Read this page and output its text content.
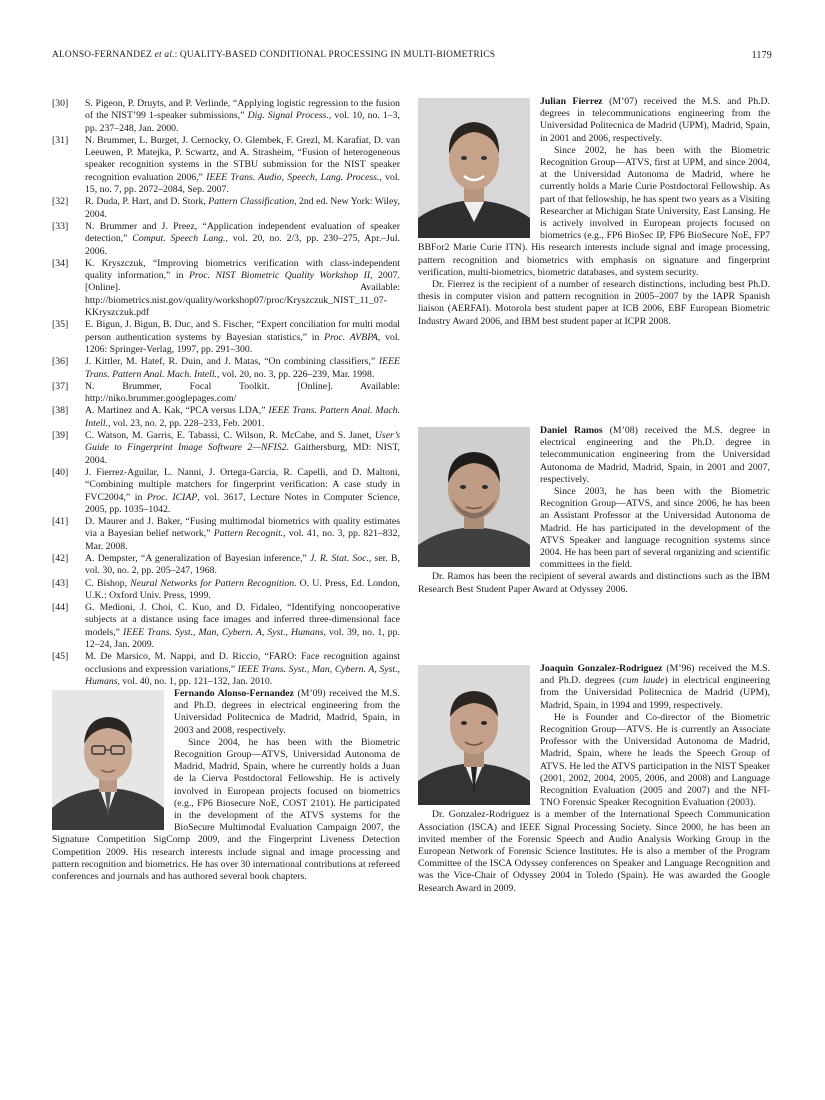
ALONSO-FERNANDEZ et al.: QUALITY-BASED CONDITIONAL PROCESSING IN MULTI-BIOMETRICS	1179
[30] S. Pigeon, P. Druyts, and P. Verlinde, “Applying logistic regression to the fusion of the NIST’99 1-speaker submissions,” Dig. Signal Process., vol. 10, no. 1–3, pp. 237–248, Jan. 2000.
[31] N. Brummer, L. Burget, J. Cernocky, O. Glembek, F. Grezl, M. Karafiat, D. van Leeuwen, P. Matejka, P. Scwartz, and A. Strasheim, “Fusion of heterogeneous speaker recognition systems in the STBU submission for the NIST speaker recognition evaluation 2006,” IEEE Trans. Audio, Speech, Lang. Process., vol. 15, no. 7, pp. 2072–2084, Sep. 2007.
[32] R. Duda, P. Hart, and D. Stork, Pattern Classification, 2nd ed. New York: Wiley, 2004.
[33] N. Brummer and J. Preez, “Application independent evaluation of speaker detection,” Comput. Speech Lang., vol. 20, no. 2/3, pp. 230–275, Apr.–Jul. 2006.
[34] K. Kryszczuk, “Improving biometrics verification with class-independent quality information,” in Proc. NIST Biometric Quality Workshop II, 2007. [Online]. Available: http://biometrics.nist.gov/quality/workshop07/proc/Kryszczuk_NIST_11_07-KKryszczuk.pdf
[35] E. Bigun, J. Bigun, B. Duc, and S. Fischer, “Expert conciliation for multi modal person authentication systems by Bayesian statistics,” in Proc. AVBPA, vol. 1206: Springer-Verlag, 1997, pp. 291–300.
[36] J. Kittler, M. Hatef, R. Duin, and J. Matas, “On combining classifiers,” IEEE Trans. Pattern Anal. Mach. Intell., vol. 20, no. 3, pp. 226–239, Mar. 1998.
[37] N. Brummer, Focal Toolkit. [Online]. Available: http://niko.brummer.googlepages.com/
[38] A. Martinez and A. Kak, “PCA versus LDA,” IEEE Trans. Pattern Anal. Mach. Intell., vol. 23, no. 2, pp. 228–233, Feb. 2001.
[39] C. Watson, M. Garris, E. Tabassi, C. Wilson, R. McCabe, and S. Janet, User’s Guide to Fingerprint Image Software 2—NFIS2. Gaithersburg, MD: NIST, 2004.
[40] J. Fierrez-Aguilar, L. Nanni, J. Ortega-Garcia, R. Capelli, and D. Maltoni, “Combining multiple matchers for fingerprint verification: A case study in FVC2004,” in Proc. ICIAP, vol. 3617, Lecture Notes in Computer Science, 2005, pp. 1035–1042.
[41] D. Maurer and J. Baker, “Fusing multimodal biometrics with quality estimates via a Bayesian belief network,” Pattern Recognit., vol. 41, no. 3, pp. 821–832, Mar. 2008.
[42] A. Dempster, “A generalization of Bayesian inference,” J. R. Stat. Soc., ser. B, vol. 30, no. 2, pp. 205–247, 1968.
[43] C. Bishop, Neural Networks for Pattern Recognition. O. U. Press, Ed. London, U.K.: Oxford Univ. Press, 1999.
[44] G. Medioni, J. Choi, C. Kuo, and D. Fidaleo, “Identifying noncooperative subjects at a distance using face images and inferred three-dimensional face models,” IEEE Trans. Syst., Man, Cybern. A, Syst., Humans, vol. 39, no. 1, pp. 12–24, Jan. 2009.
[45] M. De Marsico, M. Nappi, and D. Riccio, “FARO: Face recognition against occlusions and expression variations,” IEEE Trans. Syst., Man, Cybern. A, Syst., Humans, vol. 40, no. 1, pp. 121–132, Jan. 2010.

Fernando Alonso-Fernandez (M’09) received the M.S. and Ph.D. degrees in electrical engineering from the Universidad Politecnica de Madrid, Madrid, Spain, in 2003 and 2008, respectively.

Since 2004, he has been with the Biometric Recognition Group—ATVS, Universidad Autonoma de Madrid, Madrid, Spain, where he currently holds a Juan de la Cierva Postdoctoral Fellowship. He is actively involved in European projects focused on biometrics (e.g., FP6 Biosecure NoE, COST 2101). He participated in the development of the ATVS systems for the BioSecure Multimodal Evaluation Campaign 2007, the Signature Competition SigComp 2009, and the Fingerprint Liveness Detection Competition 2009. His research interests include signal and image processing and pattern recognition and biometrics. He has over 30 international contributions at refereed conferences and journals and has authored several book chapters.

Julian Fierrez (M’07) received the M.S. and Ph.D. degrees in telecommunications engineering from the Universidad Politecnica de Madrid (UPM), Madrid, Spain, in 2001 and 2006, respectively.

Since 2002, he has been with the Biometric Recognition Group—ATVS, first at UPM, and since 2004, at the Universidad Autonoma de Madrid, where he currently holds a Marie Curie Postdoctoral Fellowship. As part of that fellowship, he has spent two years as a Visiting Researcher at Michigan State University, East Lansing. He is actively involved in European projects focused on biometrics (e.g., FP6 BioSec IP, FP6 BioSecure NoE, FP7 BBFor2 Marie Curie ITN). His research interests include signal and image processing, pattern recognition and biometrics with emphasis on signature and fingerprint verification, multi-biometrics, biometric databases, and system security.

Dr. Fierrez is the recipient of a number of research distinctions, including best Ph.D. thesis in computer vision and pattern recognition in 2005–2007 by the IAPR Spanish liaison (AERFAI). Motorola best student paper at ICB 2006, EBF European Biometric Industry Award 2006, and IBM best student paper at ICPR 2008.

Daniel Ramos (M’08) received the M.S. degree in electrical engineering and the Ph.D. degree in telecommunication engineering from the Universidad Autonoma de Madrid, Madrid, Spain, in 2001 and 2007, respectively.

Since 2003, he has been with the Biometric Recognition Group—ATVS, and since 2006, he has been an Assistant Professor at the Universidad Autonoma de Madrid. He has participated in the development of the ATVS Speaker and language recognition systems since 2004. He has been part of several organizing and scientific committees in the field.

Dr. Ramos has been the recipient of several awards and distinctions such as the IBM Research Best Student Paper Award at Odyssey 2006.

Joaquin Gonzalez-Rodriguez (M’96) received the M.S. and Ph.D. degrees (cum laude) in electrical engineering from the Universidad Politecnica de Madrid (UPM), Madrid, Spain, in 1994 and 1999, respectively.

He is Founder and Co-director of the Biometric Recognition Group—ATVS. He is currently an Associate Professor with the Universidad Autonoma de Madrid, Madrid, Spain, where he leads the Speech Group of ATVS. He led the ATVS participation in the NIST Speaker (2001, 2002, 2004, 2005, 2006, and 2008) and Language Recognition Evaluation (2005 and 2007) and the NFI-TNO Forensic Speaker Recognition Evaluation (2003).

Dr. Gonzalez-Rodriguez is a member of the International Speech Communication Association (ISCA) and IEEE Signal Processing Society. Since 2000, he has been an invited member of the Forensic Speech and Audio Analysis Working Group in the European Network of Forensic Science Institutes. He is also a member of the Program Committee of the ISCA Odyssey conferences on Speaker and Language Recognition and was the Vice-Chair of Odyssey 2004 in Toledo (Spain). He was awarded the Google Research Award in 2009.
